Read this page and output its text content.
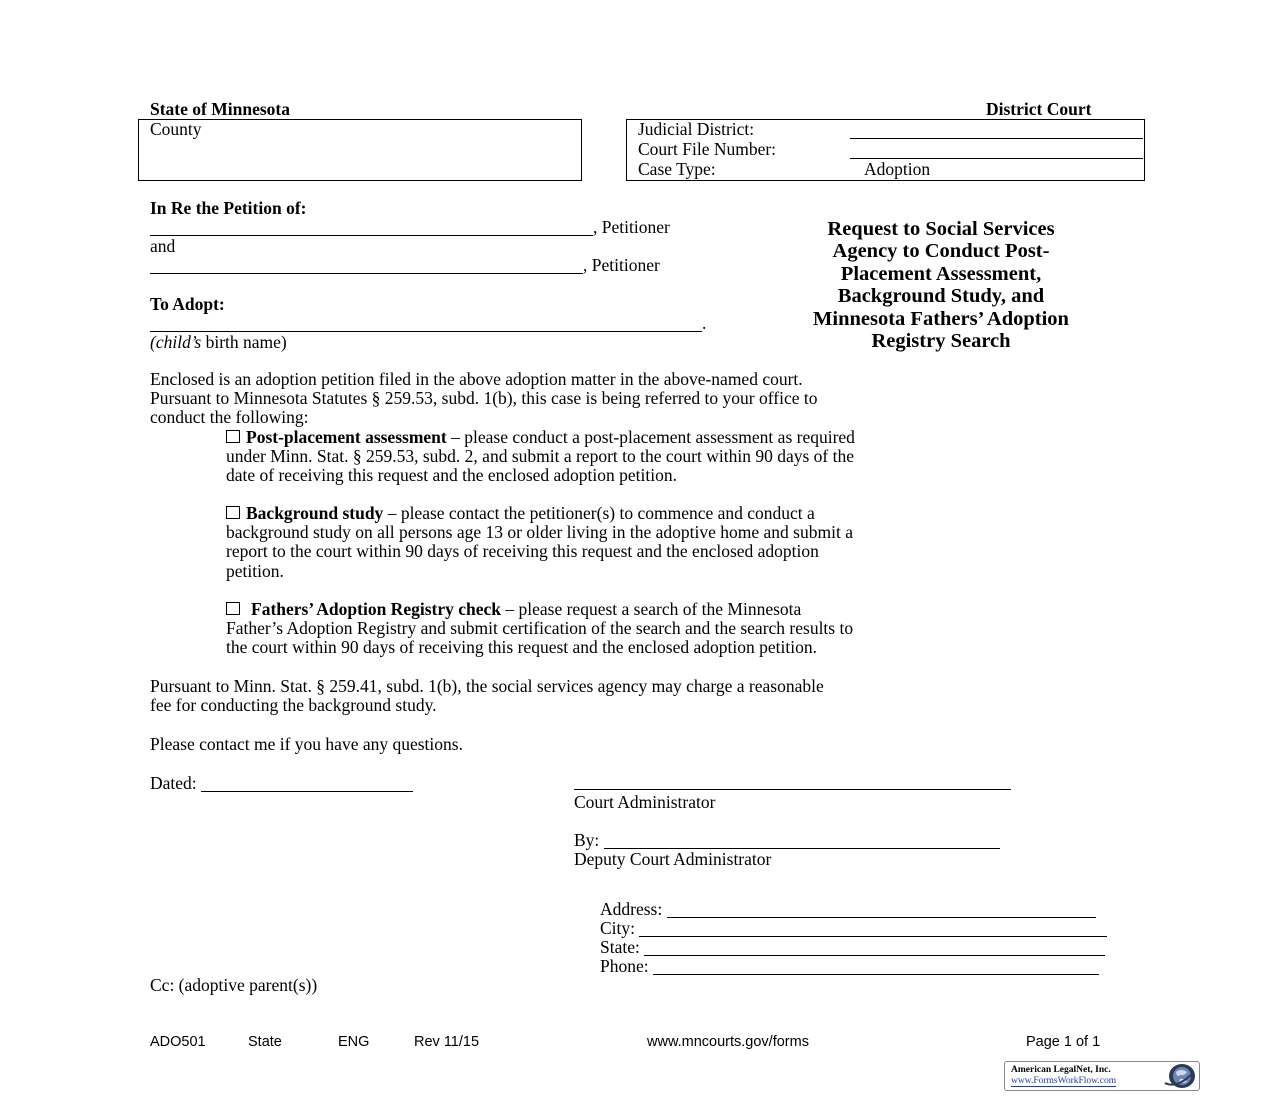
State of Minnesota	District Court
County	Judicial District:
Court File Number:
Case Type:	Adoption
In Re the Petition of:
, Petitioner
and
, Petitioner
To Adopt:
.
(child’s birth name)
Request to Social Services
Agency to Conduct Post-
Placement Assessment,
Background Study, and
Minnesota Fathers’ Adoption
Registry Search
Enclosed is an adoption petition filed in the above adoption matter in the above-named court.
Pursuant to Minnesota Statutes § 259.53, subd. 1(b), this case is being referred to your office to
conduct the following:
Post-placement assessment – please conduct a post-placement assessment as required
under Minn. Stat. § 259.53, subd. 2, and submit a report to the court within 90 days of the
date of receiving this request and the enclosed adoption petition.
Background study – please contact the petitioner(s) to commence and conduct a
background study on all persons age 13 or older living in the adoptive home and submit a
report to the court within 90 days of receiving this request and the enclosed adoption
petition.
Fathers’ Adoption Registry check – please request a search of the Minnesota
Father’s Adoption Registry and submit certification of the search and the search results to
the court within 90 days of receiving this request and the enclosed adoption petition.
Pursuant to Minn. Stat. § 259.41, subd. 1(b), the social services agency may charge a reasonable
fee for conducting the background study.
Please contact me if you have any questions.
Dated:
Court Administrator
By:
Deputy Court Administrator
Address:
City:
State:
Phone:
Cc: (adoptive parent(s))
ADO501	State	ENG	Rev 11/15	www.mncourts.gov/forms	Page 1 of 1
American LegalNet, Inc.
www.FormsWorkFlow.com
